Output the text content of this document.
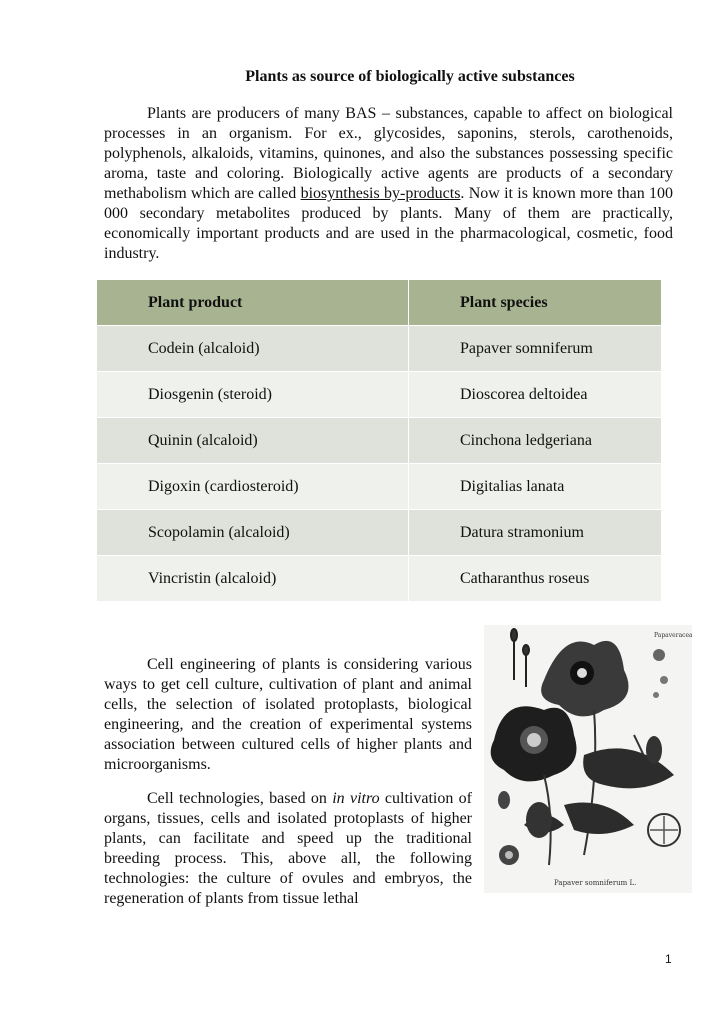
Plants as source of biologically active substances

Plants are producers of many BAS – substances, capable to affect on biological processes in an organism. For ex., glycosides, saponins, sterols, carothenoids, polyphenols, alkaloids, vitamins, quinones, and also the substances possessing specific aroma, taste and coloring. Biologically active agents are products of a secondary methabolism which are called biosynthesis by-products. Now it is known more than 100 000 secondary metabolites produced by plants. Many of them are practically, economically important products and are used in the pharmacological, cosmetic, food industry.

Plant product	Plant species
Codein (alcaloid)	Papaver somniferum
Diosgenin (steroid)	Dioscorea deltoidea
Quinin (alcaloid)	Cinchona ledgeriana
Digoxin (cardiosteroid)	Digitalias lanata
Scopolamin (alcaloid)	Datura stramonium
Vincristin (alcaloid)	Catharanthus roseus

Cell engineering of plants is considering various ways to get cell culture, cultivation of plant and animal cells, the selection of isolated protoplasts, biological engineering, and the creation of experimental systems association between cultured cells of higher plants and microorganisms.

Cell technologies, based on in vitro cultivation of organs, tissues, cells and isolated protoplasts of higher plants, can facilitate and speed up the traditional breeding process. This, above all, the following technologies: the culture of ovules and embryos, the regeneration of plants from tissue lethal

Papaveraceae
Papaver somniferum L.
1
